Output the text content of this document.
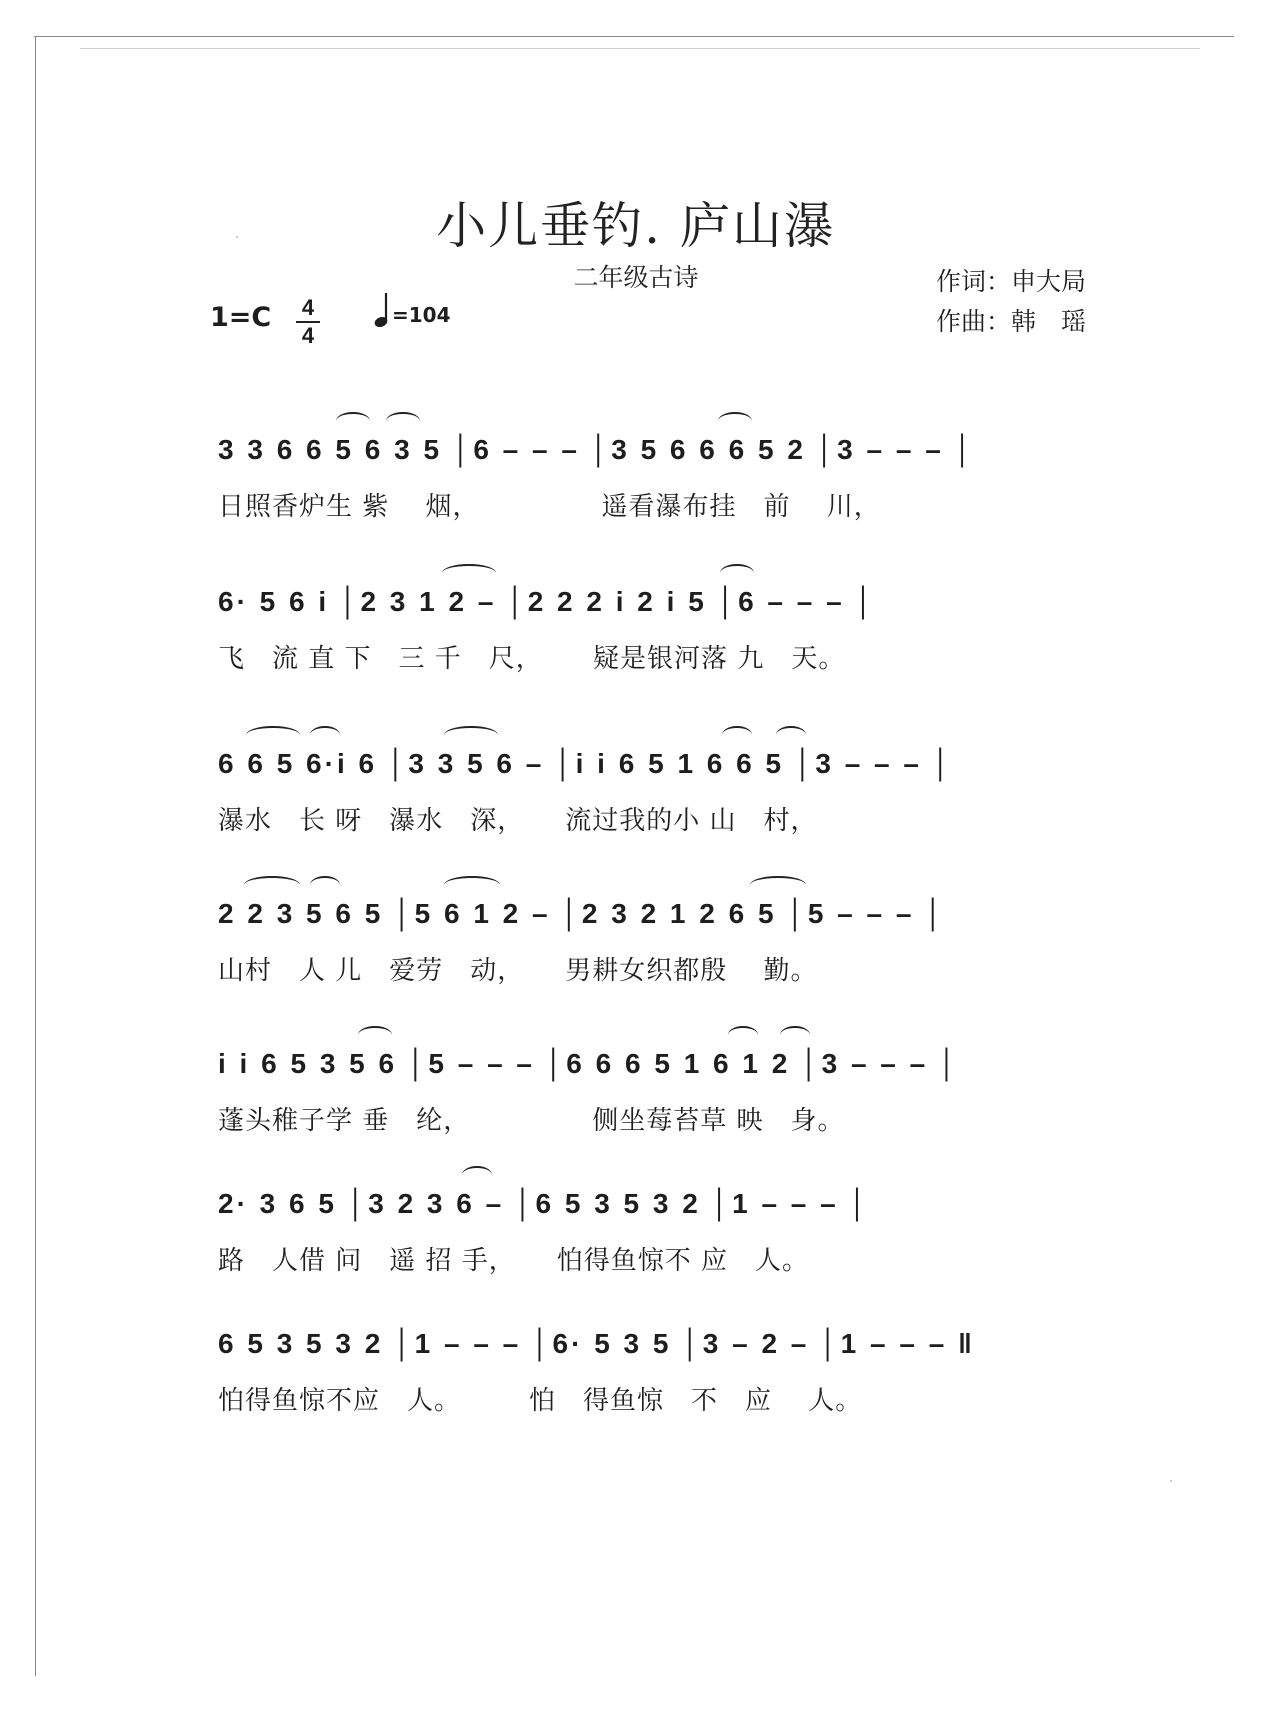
小儿垂钓. 庐山瀑
二年级古诗
1=C 4
4
=104
作词：申大局
作曲：韩　瑶
3 3 6 6 5 6 3 5 │6 – – – │3 5 6 6 6 5 2 │3 – – – │
日照香炉生 紫　 烟，　　　　　遥看瀑布挂　前　 川，
6· 5 6 i │2 3 1 2 – │2 2 2 i 2 i 5 │6 – – – │
飞　流 直 下　三 千　尺，　　 疑是银河落 九　天。
6 6 5 6·i 6 │3 3 5 6 – │i i 6 5 1 6 6 5 │3 – – – │
瀑水　长 呀　瀑水　深，　　流过我的小 山　村，
2 2 3 5 6 5 │5 6 1 2 – │2 3 2 1 2 6 5 │5 – – – │
山村　人 儿　爱劳　动，　　男耕女织都殷　 勤。
i i 6 5 3 5 6 │5 – – – │6 6 6 5 1 6 1 2 │3 – – – │
蓬头稚子学 垂　纶，　　　　　侧坐莓苔草 映　身。
2· 3 6 5 │3 2 3 6 – │6 5 3 5 3 2 │1 – – – │
路　人借 问　遥 招 手，　　怕得鱼惊不 应　人。
6 5 3 5 3 2 │1 – – – │6· 5 3 5 │3 – 2 – │1 – – – ‖
怕得鱼惊不应　人。　　　怕　得鱼惊　不　应　 人。
